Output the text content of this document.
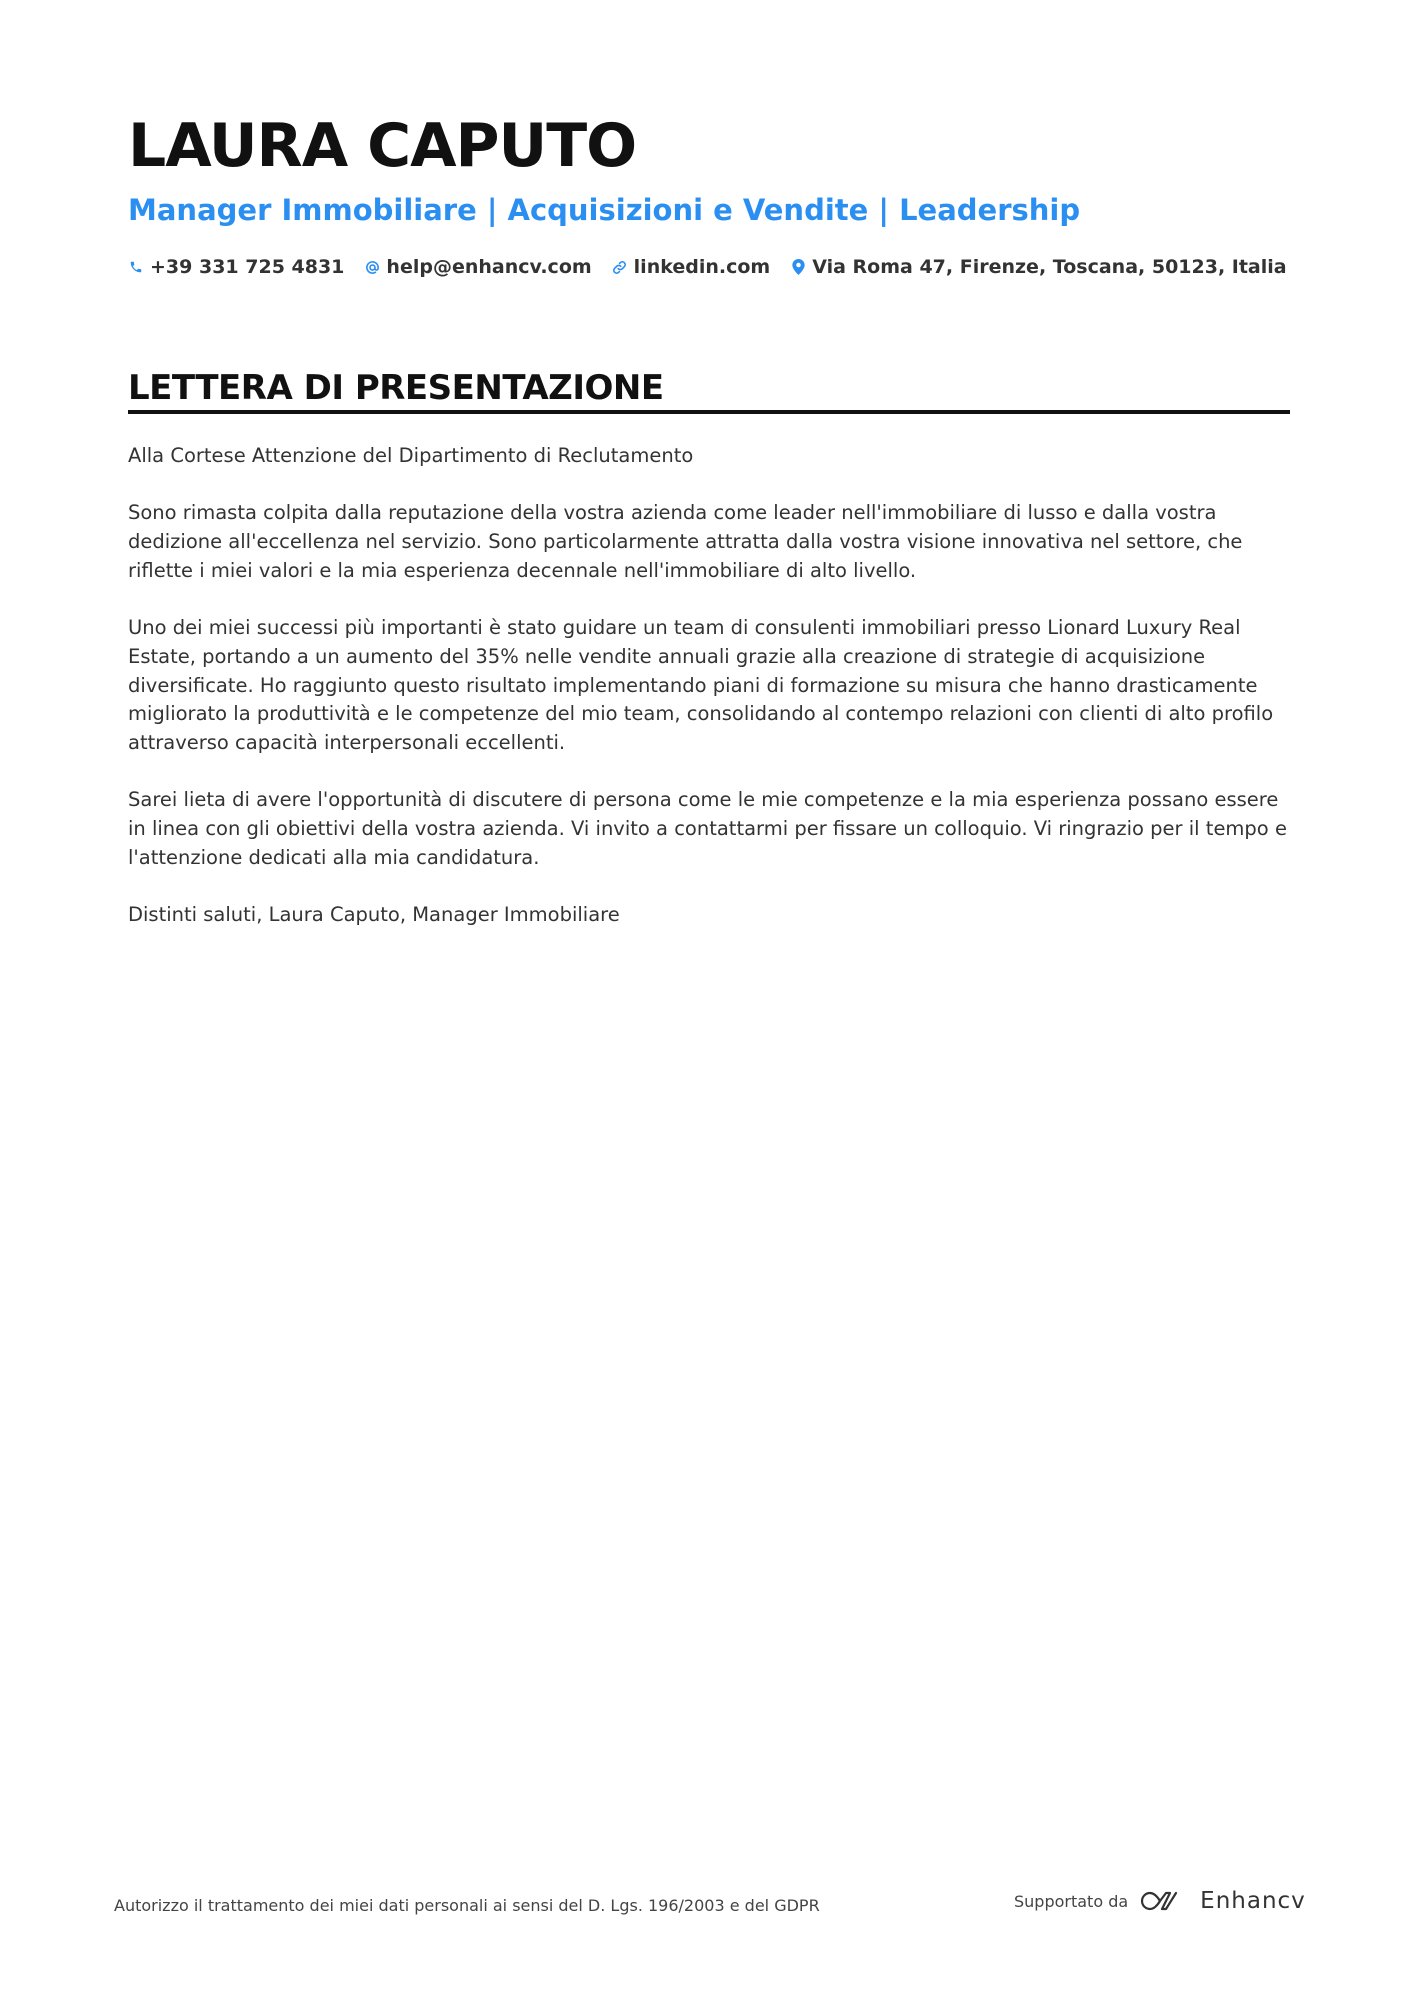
LAURA CAPUTO
Manager Immobiliare | Acquisizioni e Vendite | Leadership
+39 331 725 4831 help@enhancv.com linkedin.com Via Roma 47, Firenze, Toscana, 50123, Italia
LETTERA DI PRESENTAZIONE

Alla Cortese Attenzione del Dipartimento di Reclutamento

Sono rimasta colpita dalla reputazione della vostra azienda come leader nell'immobiliare di lusso e dalla vostra dedizione all'eccellenza nel servizio. Sono particolarmente attratta dalla vostra visione innovativa nel settore, che riflette i miei valori e la mia esperienza decennale nell'immobiliare di alto livello.

Uno dei miei successi più importanti è stato guidare un team di consulenti immobiliari presso Lionard Luxury Real Estate, portando a un aumento del 35% nelle vendite annuali grazie alla creazione di strategie di acquisizione diversificate. Ho raggiunto questo risultato implementando piani di formazione su misura che hanno drasticamente migliorato la produttività e le competenze del mio team, consolidando al contempo relazioni con clienti di alto profilo attraverso capacità interpersonali eccellenti.

Sarei lieta di avere l'opportunità di discutere di persona come le mie competenze e la mia esperienza possano essere in linea con gli obiettivi della vostra azienda. Vi invito a contattarmi per fissare un colloquio. Vi ringrazio per il tempo e l'attenzione dedicati alla mia candidatura.

Distinti saluti, Laura Caputo, Manager Immobiliare

Autorizzo il trattamento dei miei dati personali ai sensi del D. Lgs. 196/2003 e del GDPR	Supportato da	Enhancv
